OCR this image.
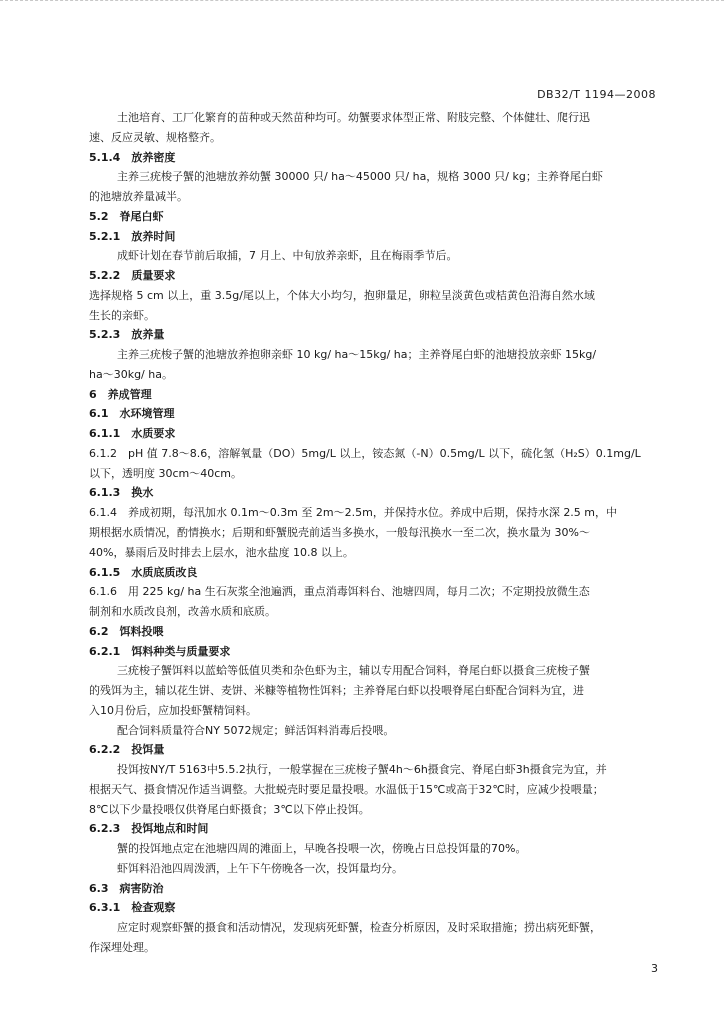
DB32/T 1194—2008
土池培育、工厂化繁育的苗种或天然苗种均可。幼蟹要求体型正常、附肢完整、个体健壮、爬行迅
速、反应灵敏、规格整齐。
5.1.4　放养密度
主养三疣梭子蟹的池塘放养幼蟹 30000 只/ ha～45000 只/ ha，规格 3000 只/ kg；主养脊尾白虾
的池塘放养量减半。
5.2　脊尾白虾
5.2.1　放养时间
成虾计划在春节前后取捕，7 月上、中旬放养亲虾，且在梅雨季节后。
5.2.2　质量要求
选择规格 5 cm 以上，重 3.5g/尾以上，个体大小均匀，抱卵量足，卵粒呈淡黄色或桔黄色沿海自然水域
生长的亲虾。
5.2.3　放养量
主养三疣梭子蟹的池塘放养抱卵亲虾 10 kg/ ha～15kg/ ha；主养脊尾白虾的池塘投放亲虾 15kg/
ha～30kg/ ha。
6　养成管理
6.1　水环境管理
6.1.1　水质要求
6.1.2　pH 值 7.8～8.6，溶解氧量（DO）5mg/L 以上，铵态氮（-N）0.5mg/L 以下，硫化氢（H₂S）0.1mg/L
以下，透明度 30cm～40cm。
6.1.3　换水
6.1.4　养成初期，每汛加水 0.1m～0.3m 至 2m～2.5m，并保持水位。养成中后期，保持水深 2.5 m，中
期根据水质情况，酌情换水；后期和虾蟹脱壳前适当多换水，一般每汛换水一至二次，换水量为 30%～
40%，暴雨后及时排去上层水，池水盐度 10.8 以上。
6.1.5　水质底质改良
6.1.6　用 225 kg/ ha 生石灰浆全池遍洒，重点消毒饵料台、池塘四周，每月二次；不定期投放微生态
制剂和水质改良剂，改善水质和底质。
6.2　饵料投喂
6.2.1　饵料种类与质量要求
三疣梭子蟹饵料以蓝蛤等低值贝类和杂色虾为主，辅以专用配合饲料，脊尾白虾以摄食三疣梭子蟹
的残饵为主，辅以花生饼、麦饼、米糠等植物性饵料；主养脊尾白虾以投喂脊尾白虾配合饲料为宜，进
入10月份后，应加投虾蟹精饲料。
配合饲料质量符合NY 5072规定；鲜活饵料消毒后投喂。
6.2.2　投饵量
投饵按NY/T 5163中5.5.2执行，一般掌握在三疣梭子蟹4h～6h摄食完、脊尾白虾3h摄食完为宜，并
根据天气、摄食情况作适当调整。大批蜕壳时要足量投喂。水温低于15℃或高于32℃时，应减少投喂量；
8℃以下少量投喂仅供脊尾白虾摄食；3℃以下停止投饵。
6.2.3　投饵地点和时间
蟹的投饵地点定在池塘四周的滩面上，早晚各投喂一次，傍晚占日总投饵量的70%。
虾饵料沿池四周泼洒，上午下午傍晚各一次，投饵量均分。
6.3　病害防治
6.3.1　检查观察
应定时观察虾蟹的摄食和活动情况，发现病死虾蟹，检查分析原因，及时采取措施；捞出病死虾蟹，
作深埋处理。
3
